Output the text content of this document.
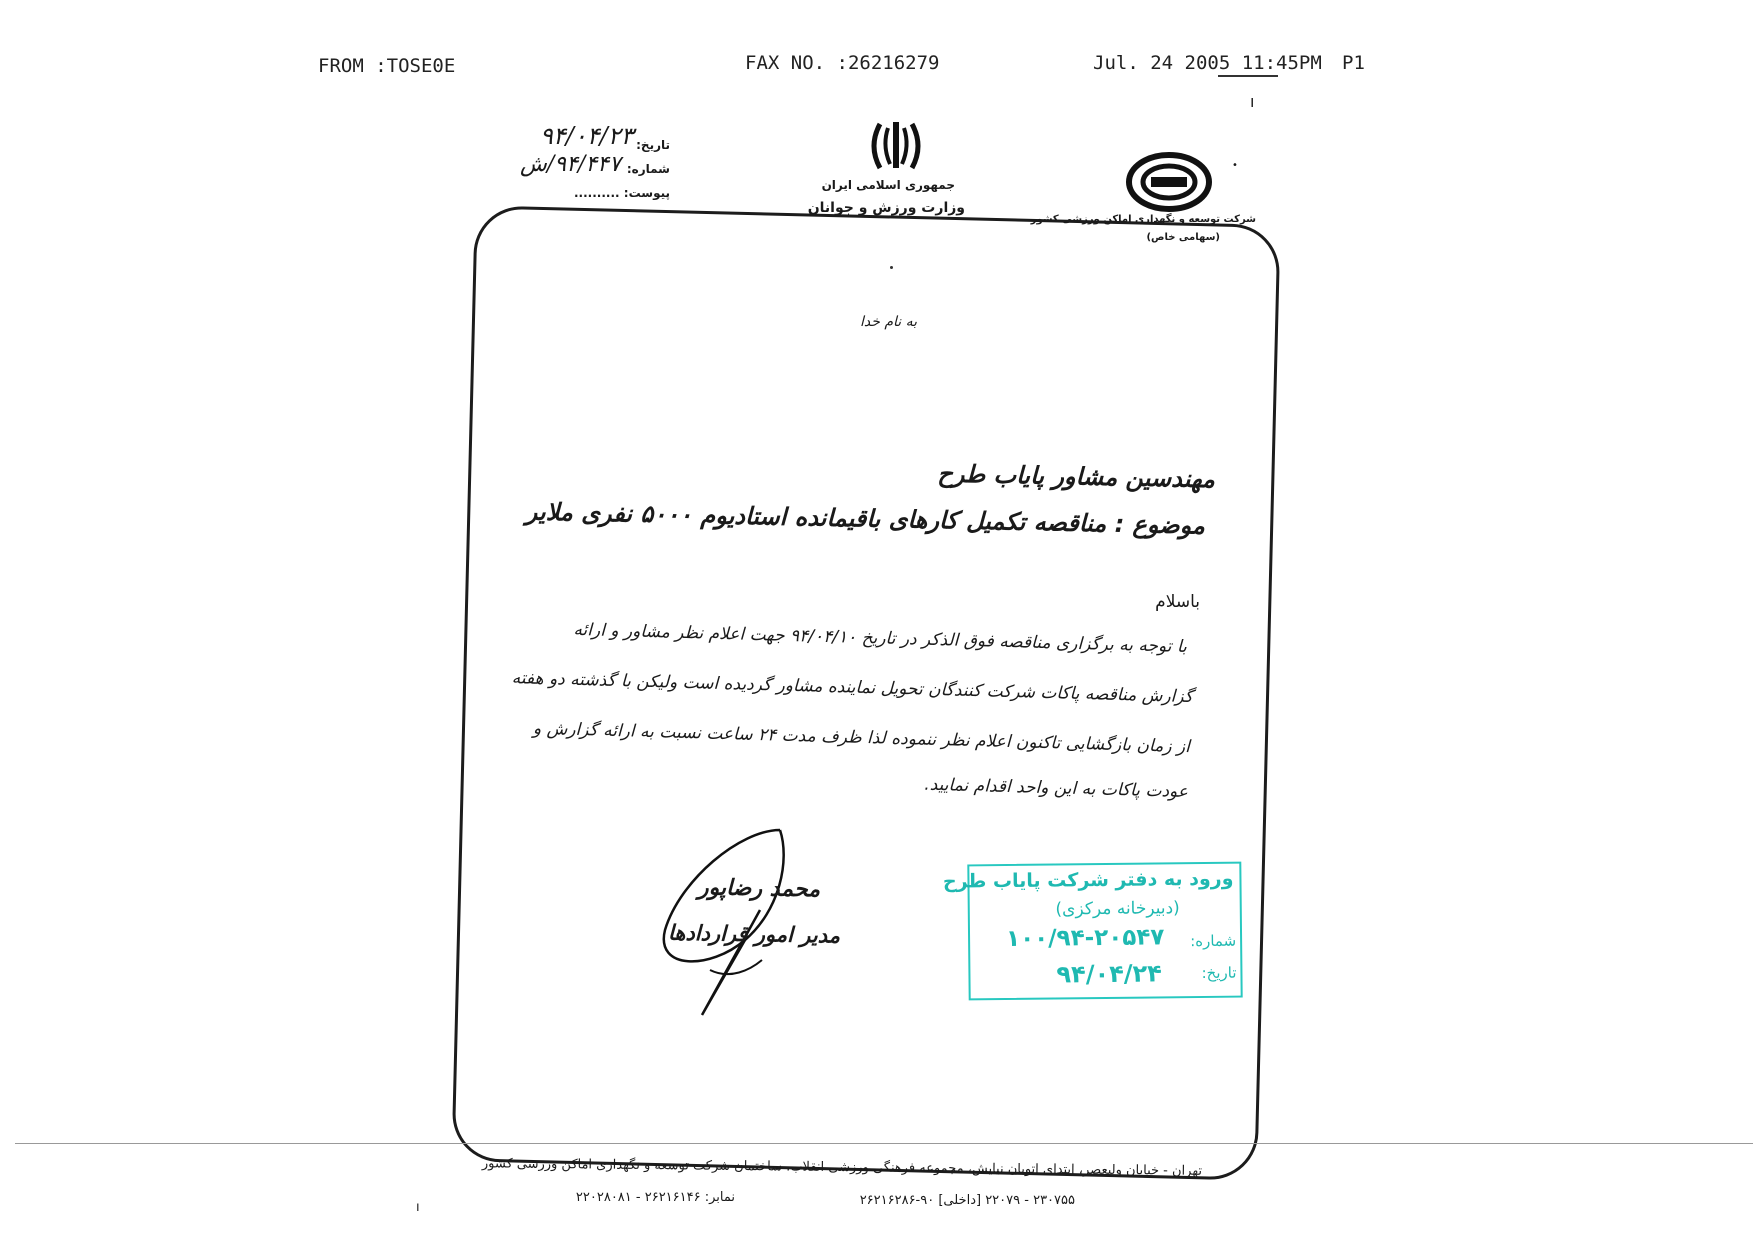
FROM :TOSE0E	FAX NO. :26216279	Jul. 24 2005 11:45PM P1
ı
تاریخ:
۹۴/۰۴/۲۳
شماره:
۹۴/۴۴۷/ش
پیوست: ..........
جمهوری اسلامی ایران
وزارت ورزش و جوانان
•
شرکت توسعه و نگهداری اماکن ورزشی کشور
(سهامی خاص)
به نام خدا
مهندسین مشاور پایاب طرح
موضوع : مناقصه تکمیل کارهای باقیمانده استادیوم ۵۰۰۰ نفری ملایر
باسلام
با توجه به برگزاری مناقصه فوق الذکر در تاریخ ۹۴/۰۴/۱۰ جهت اعلام نظر مشاور و ارائه
گزارش مناقصه پاکات شرکت کنندگان تحویل نماینده مشاور گردیده است ولیکن با گذشته دو هفته
از زمان بازگشایی تاکنون اعلام نظر ننموده لذا ظرف مدت ۲۴ ساعت نسبت به ارائه گزارش و
عودت پاکات به این واحد اقدام نمایید.
محمد رضاپور
مدیر امور قراردادها
ورود به دفتر شرکت پایاب طرح
(دبیرخانه مرکزی)
شماره:
۱۰۰/۹۴-۲۰۵۴۷
تاریخ:
۹۴/۰۴/۲۴
تهران - خیابان ولیعصر، ابتدای اتوبان نیایش، مجموعه فرهنگی ورزشی انقلاب، ساختمان شرکت توسعه و نگهداری اماکن ورزشی کشور
۲۳۰۷۵۵ - ۲۲۰۷۹ [داخلی] ۹۰-۲۶۲۱۶۲۸۶
نمابر: ۲۶۲۱۶۱۴۶ - ۲۲۰۲۸۰۸۱
ı
